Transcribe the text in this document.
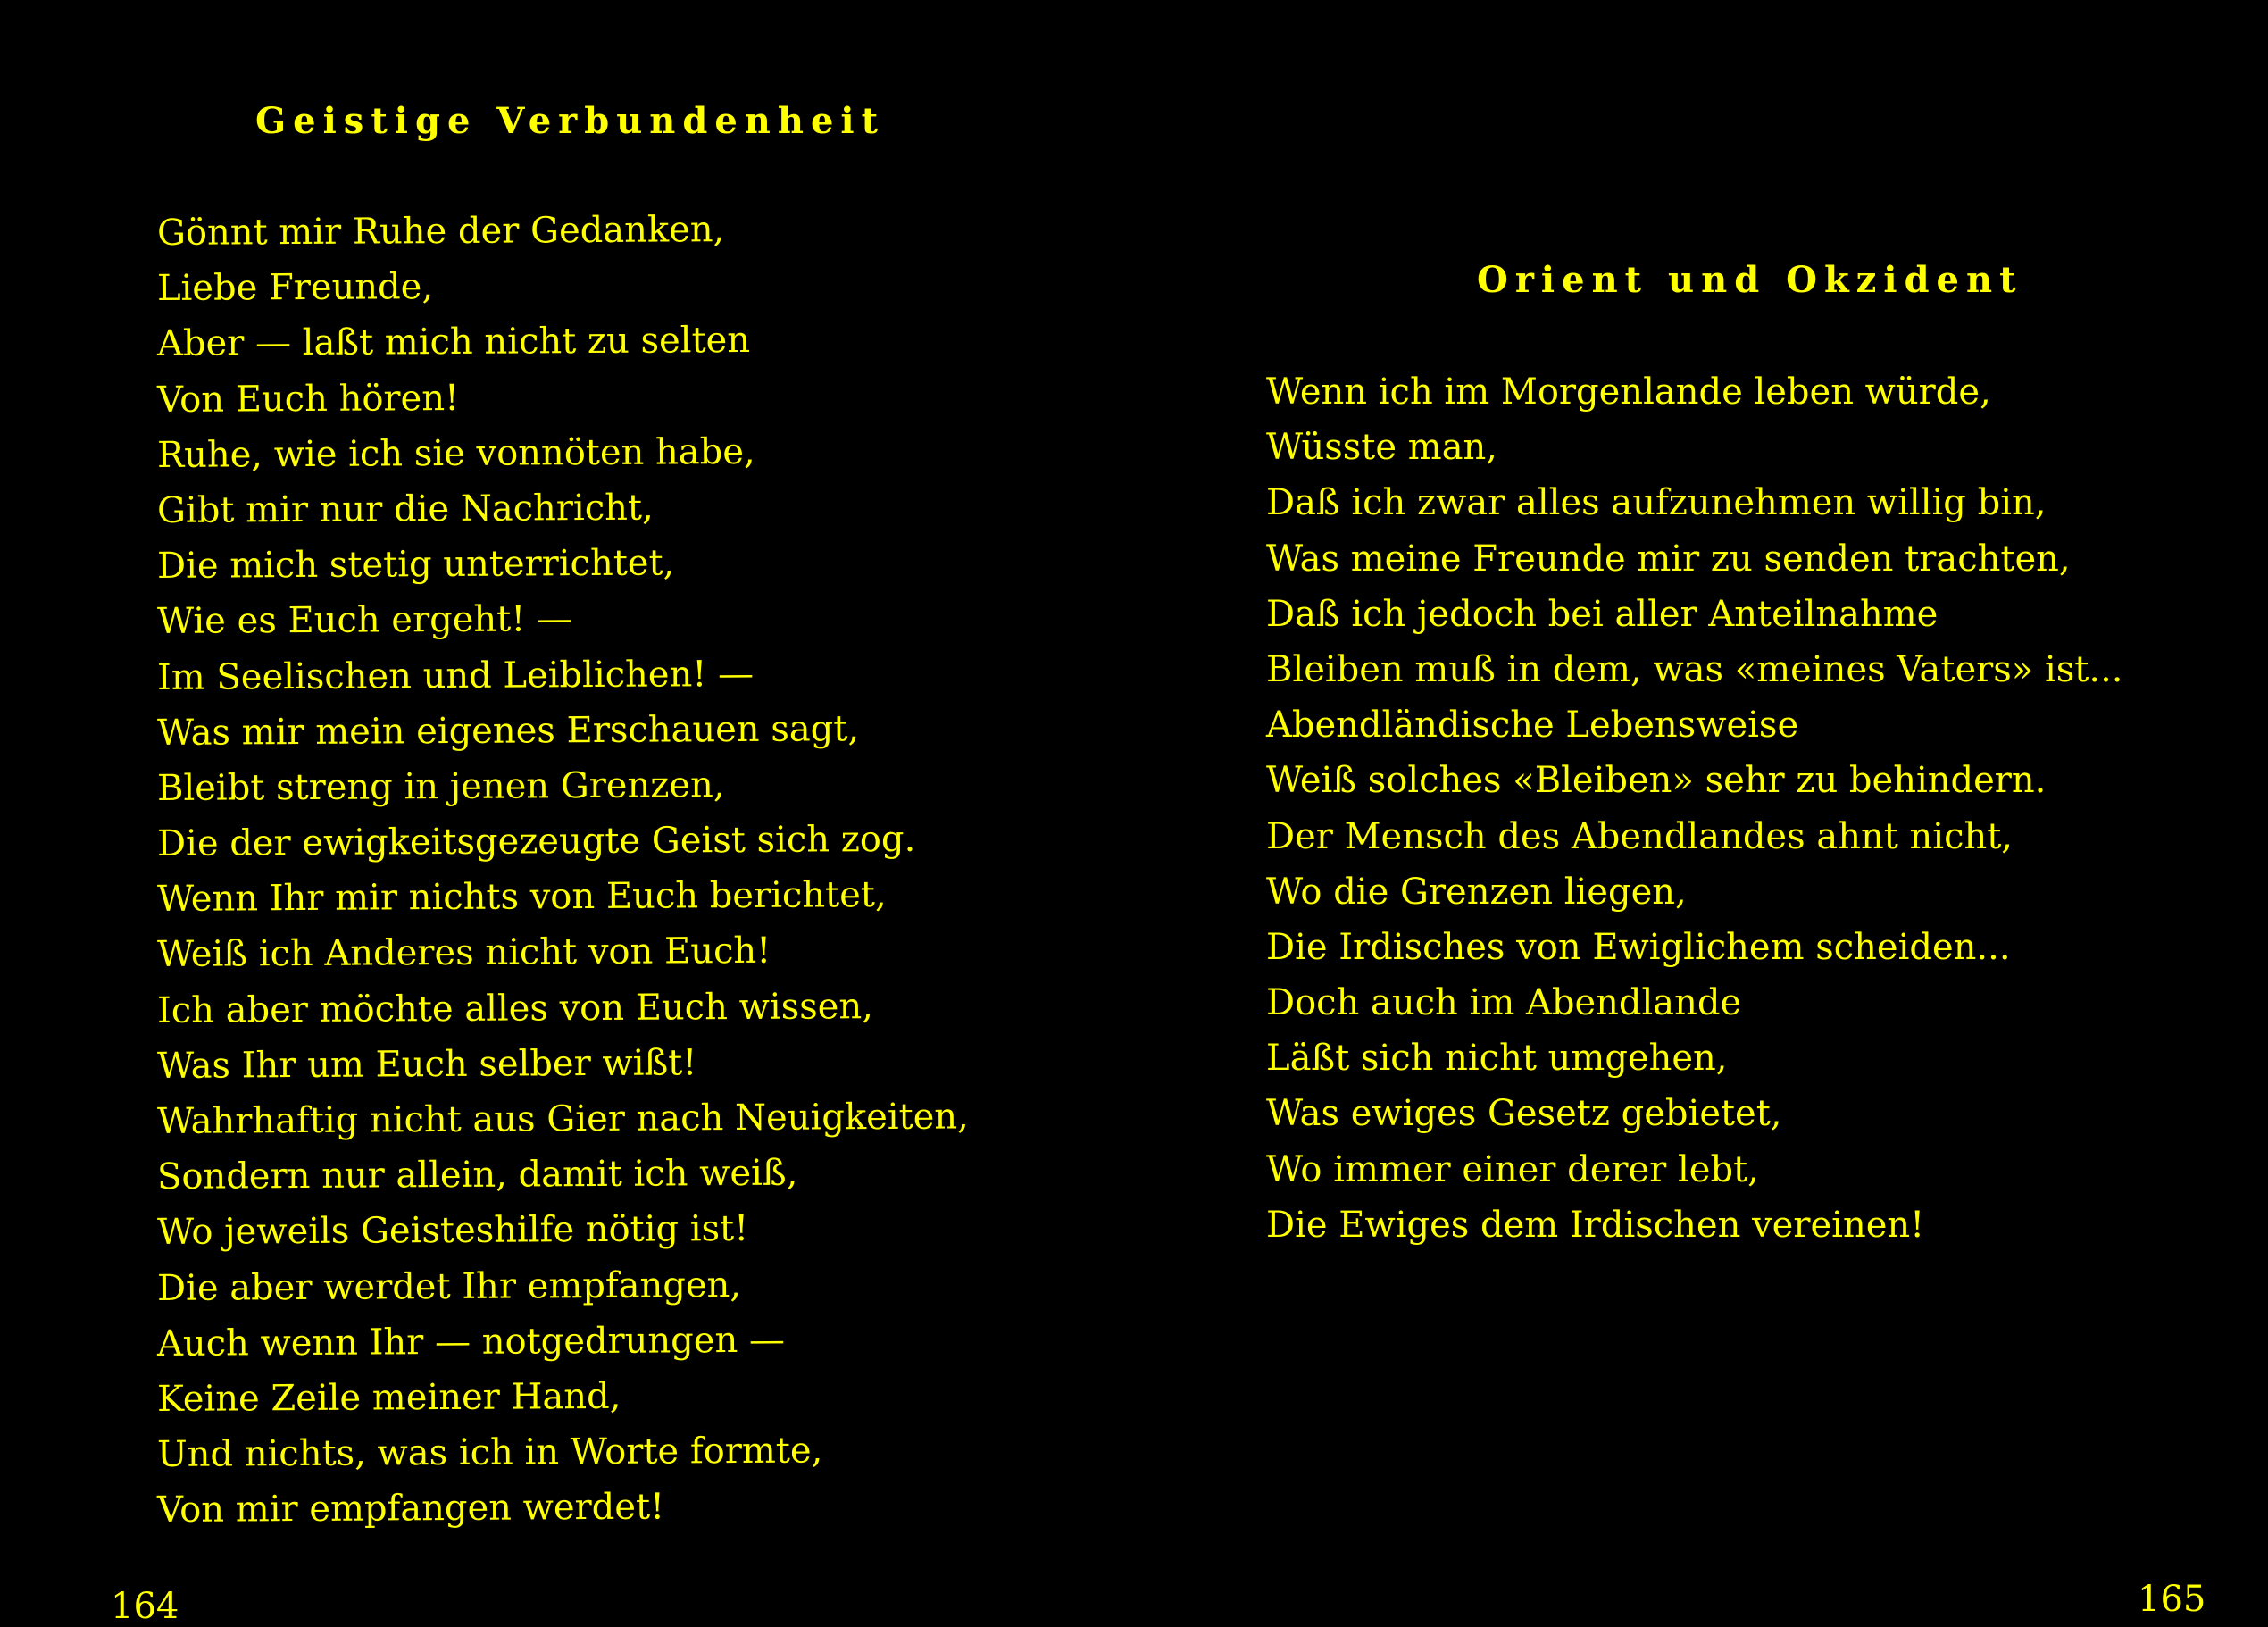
Geistige Verbundenheit
Gönnt mir Ruhe der Gedanken,
Liebe Freunde,
Aber — laßt mich nicht zu selten
Von Euch hören!
Ruhe, wie ich sie vonnöten habe,
Gibt mir nur die Nachricht,
Die mich stetig unterrichtet,
Wie es Euch ergeht! —
Im Seelischen und Leiblichen! —
Was mir mein eigenes Erschauen sagt,
Bleibt streng in jenen Grenzen,
Die der ewigkeitsgezeugte Geist sich zog.
Wenn Ihr mir nichts von Euch berichtet,
Weiß ich Anderes nicht von Euch!
Ich aber möchte alles von Euch wissen,
Was Ihr um Euch selber wißt!
Wahrhaftig nicht aus Gier nach Neuigkeiten,
Sondern nur allein, damit ich weiß,
Wo jeweils Geisteshilfe nötig ist!
Die aber werdet Ihr empfangen,
Auch wenn Ihr — notgedrungen —
Keine Zeile meiner Hand,
Und nichts, was ich in Worte formte,
Von mir empfangen werdet!
164
Orient und Okzident
Wenn ich im Morgenlande leben würde,
Wüsste man,
Daß ich zwar alles aufzunehmen willig bin,
Was meine Freunde mir zu senden trachten,
Daß ich jedoch bei aller Anteilnahme
Bleiben muß in dem, was «meines Vaters» ist...
Abendländische Lebensweise
Weiß solches «Bleiben» sehr zu behindern.
Der Mensch des Abendlandes ahnt nicht,
Wo die Grenzen liegen,
Die Irdisches von Ewiglichem scheiden...
Doch auch im Abendlande
Läßt sich nicht umgehen,
Was ewiges Gesetz gebietet,
Wo immer einer derer lebt,
Die Ewiges dem Irdischen vereinen!
165
